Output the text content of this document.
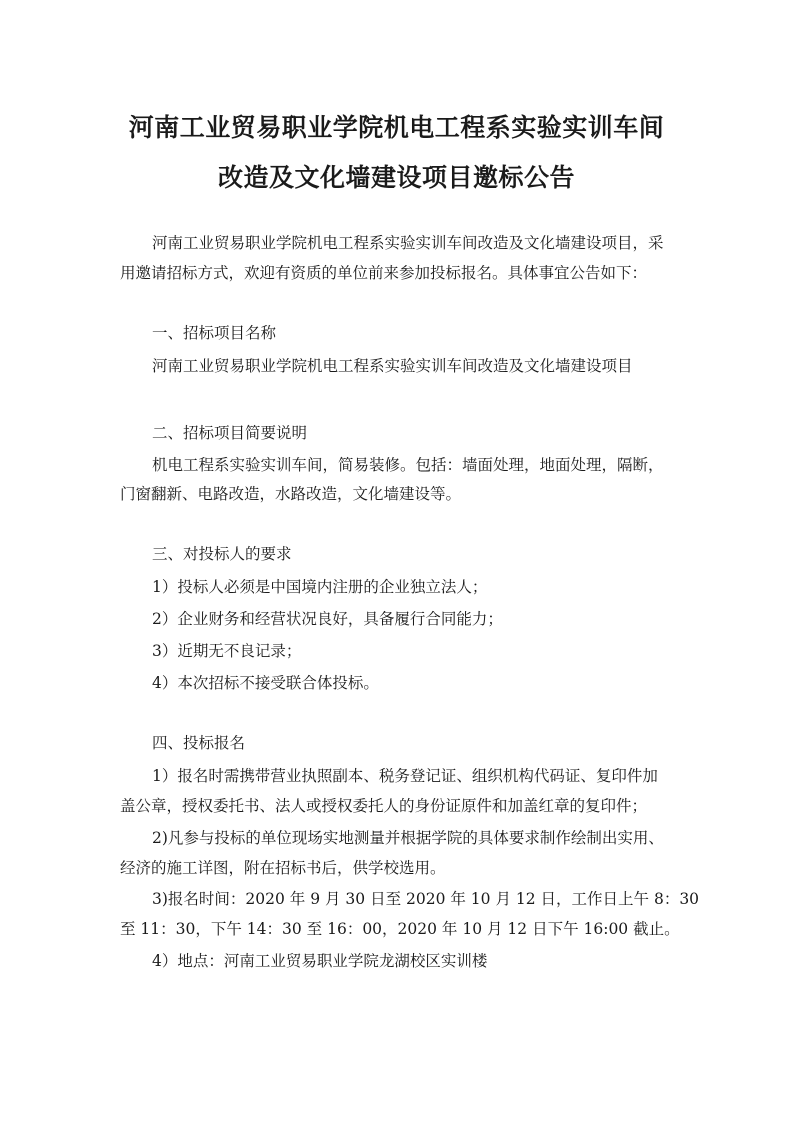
河南工业贸易职业学院机电工程系实验实训车间
改造及文化墙建设项目邀标公告
河南工业贸易职业学院机电工程系实验实训车间改造及文化墙建设项目，采
用邀请招标方式，欢迎有资质的单位前来参加投标报名。具体事宜公告如下：
一、招标项目名称
河南工业贸易职业学院机电工程系实验实训车间改造及文化墙建设项目
二、招标项目简要说明
机电工程系实验实训车间，简易装修。包括：墙面处理，地面处理，隔断，
门窗翻新、电路改造，水路改造，文化墙建设等。
三、对投标人的要求
1）投标人必须是中国境内注册的企业独立法人；
2）企业财务和经营状况良好，具备履行合同能力；
3）近期无不良记录；
4）本次招标不接受联合体投标。
四、投标报名
1）报名时需携带营业执照副本、税务登记证、组织机构代码证、复印件加
盖公章，授权委托书、法人或授权委托人的身份证原件和加盖红章的复印件；
2)凡参与投标的单位现场实地测量并根据学院的具体要求制作绘制出实用、
经济的施工详图，附在招标书后，供学校选用。
3)报名时间：2020 年 9 月 30 日至 2020 年 10 月 12 日，工作日上午 8：30
至 11：30，下午 14：30 至 16：00，2020 年 10 月 12 日下午 16:00 截止。
4）地点：河南工业贸易职业学院龙湖校区实训楼
